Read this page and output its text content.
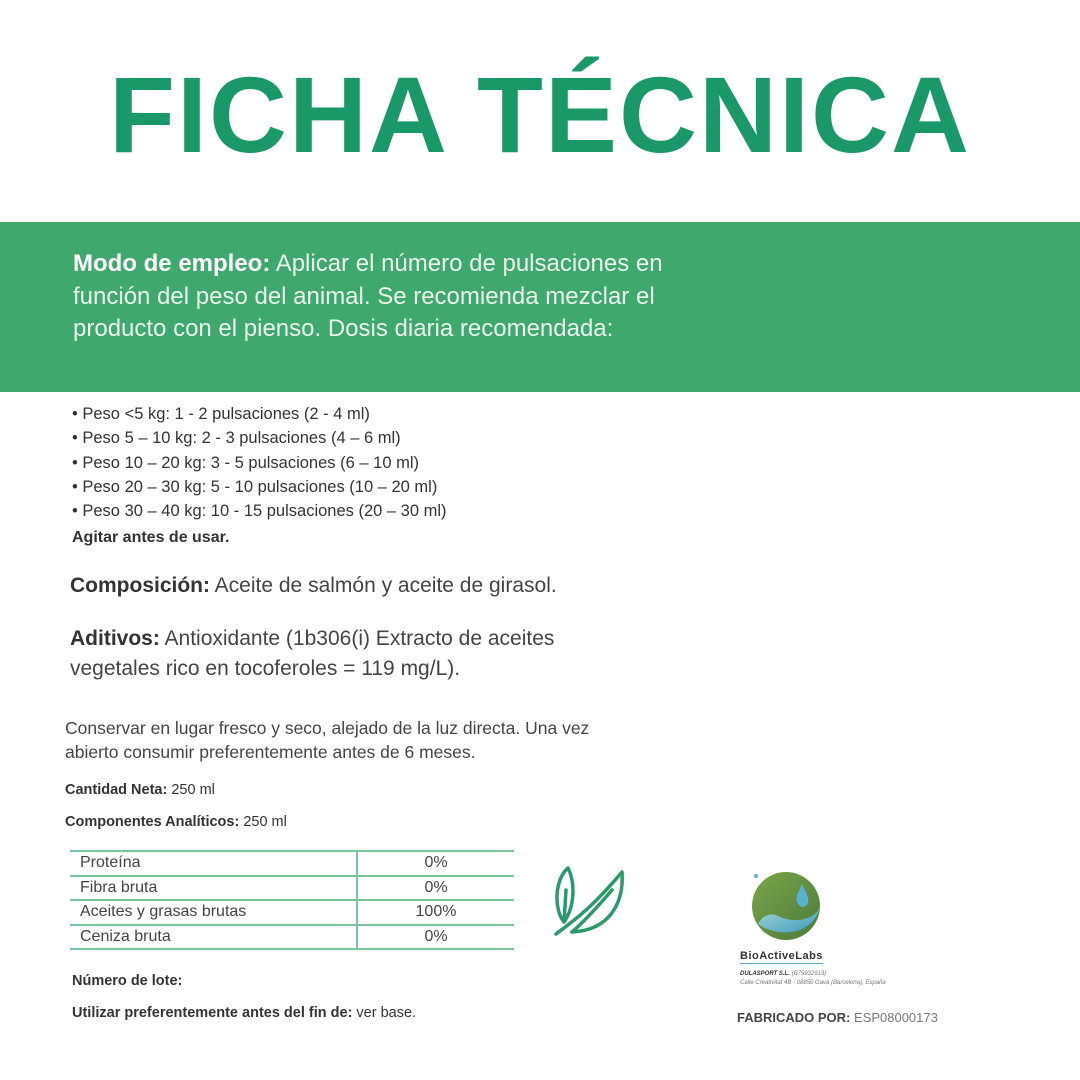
FICHA TÉCNICA

Modo de empleo: Aplicar el número de pulsaciones en función del peso del animal. Se recomienda mezclar el producto con el pienso. Dosis diaria recomendada:

• Peso <5 kg: 1 - 2 pulsaciones (2 - 4 ml)
• Peso 5 – 10 kg: 2 - 3 pulsaciones (4 – 6 ml)
• Peso 10 – 20 kg: 3 - 5 pulsaciones (6 – 10 ml)
• Peso 20 – 30 kg: 5 - 10 pulsaciones (10 – 20 ml)
• Peso 30 – 40 kg: 10 - 15 pulsaciones (20 – 30 ml)
Agitar antes de usar.
Composición: Aceite de salmón y aceite de girasol.
Aditivos: Antioxidante (1b306(i) Extracto de aceites vegetales rico en tocoferoles = 119 mg/L).
Conservar en lugar fresco y seco, alejado de la luz directa. Una vez abierto consumir preferentemente antes de 6 meses.
Cantidad Neta: 250 ml
Componentes Analíticos: 250 ml
Proteína	0%
Fibra bruta	0%
Aceites y grasas brutas	100%
Ceniza bruta	0%
BioActiveLabs
DULASPORT S.L. (B75932913)
Calle Creativitat 4B - 08850 Gavà (Barcelona), España
Número de lote:
Utilizar preferentemente antes del fin de: ver base.	FABRICADO POR: ESP08000173
